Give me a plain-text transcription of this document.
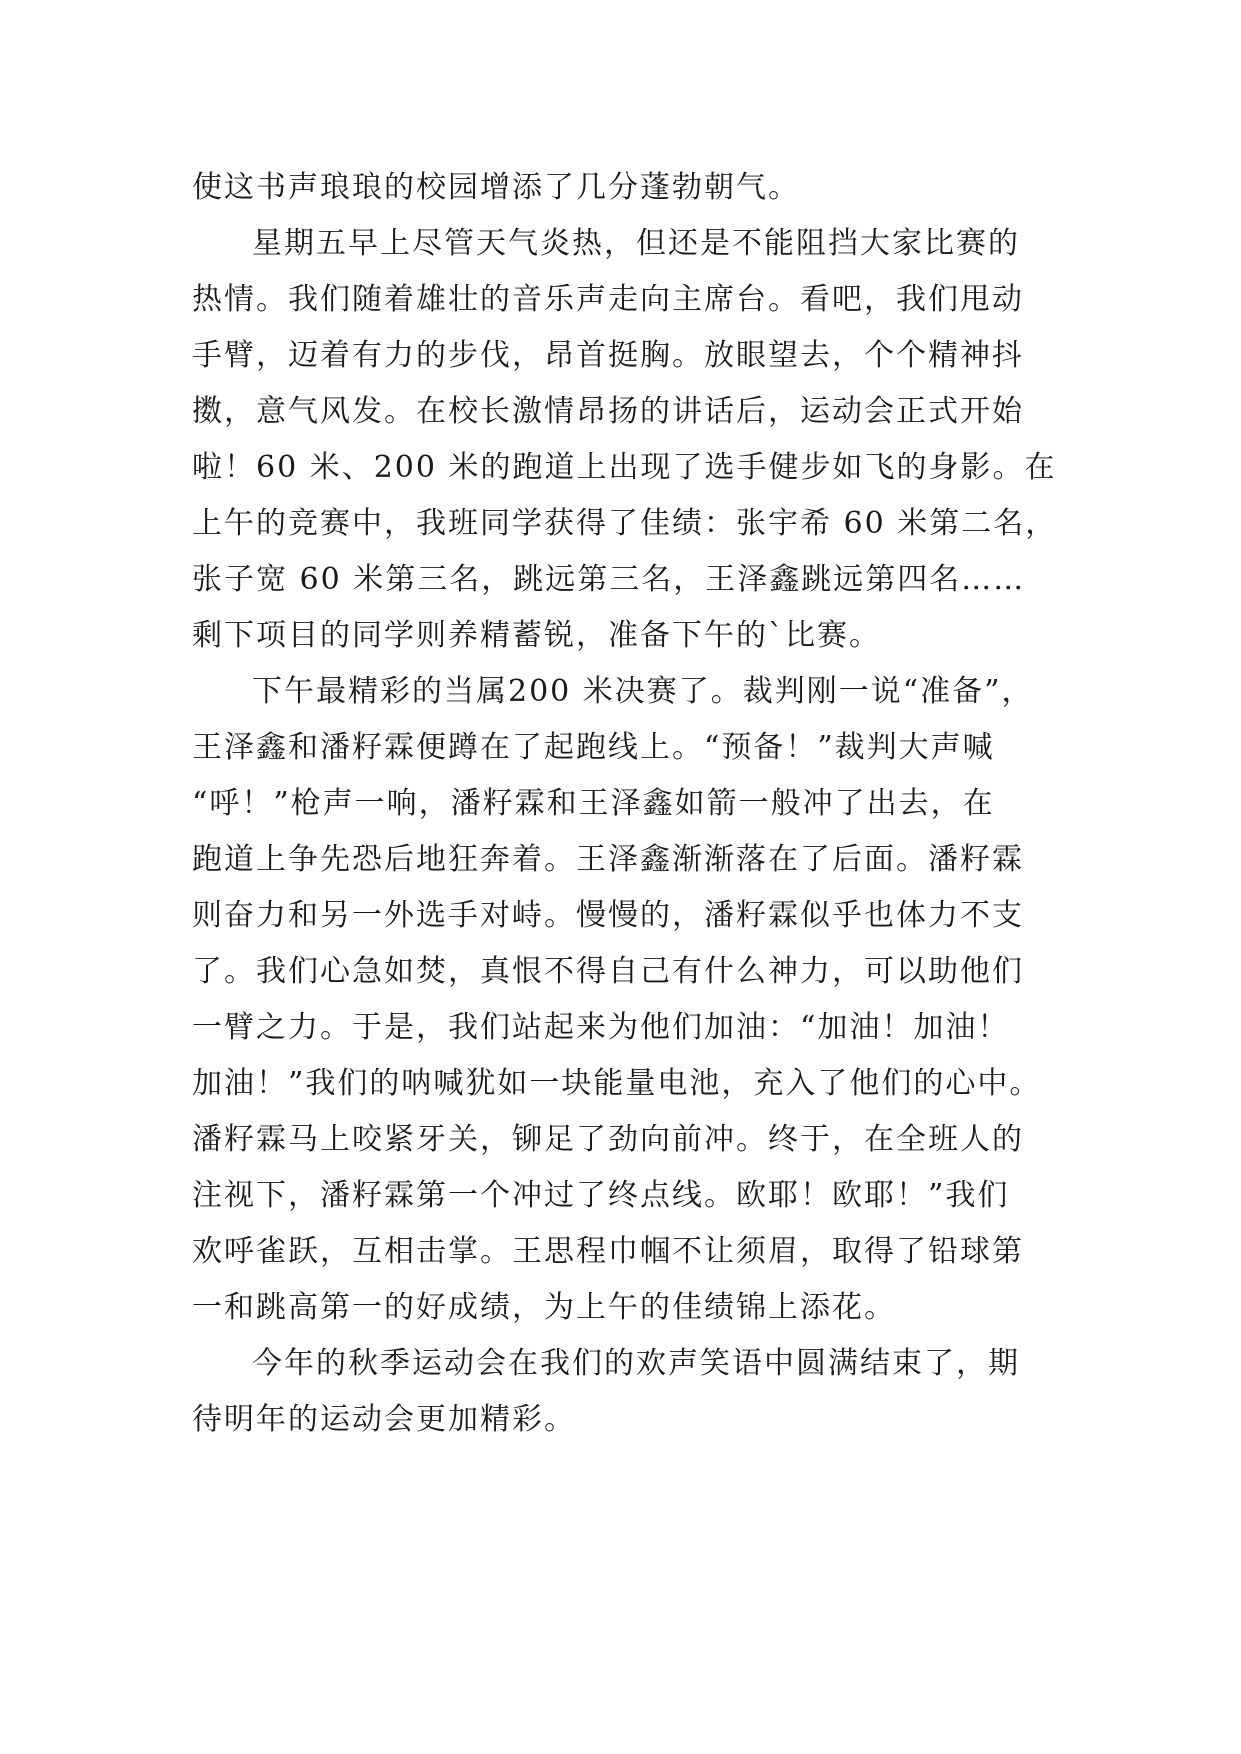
使这书声琅琅的校园增添了几分蓬勃朝气。
星期五早上尽管天气炎热，但还是不能阻挡大家比赛的
热情。我们随着雄壮的音乐声走向主席台。看吧，我们甩动
手臂，迈着有力的步伐，昂首挺胸。放眼望去，个个精神抖
擞，意气风发。在校长激情昂扬的讲话后，运动会正式开始
啦！60 米、200 米的跑道上出现了选手健步如飞的身影。在
上午的竞赛中，我班同学获得了佳绩：张宇希 60 米第二名，
张子宽 60 米第三名，跳远第三名，王泽鑫跳远第四名……
剩下项目的同学则养精蓄锐，准备下午的`比赛。
下午最精彩的当属200 米决赛了。裁判刚一说“准备”，
王泽鑫和潘籽霖便蹲在了起跑线上。“预备！”裁判大声喊
“呼！”枪声一响，潘籽霖和王泽鑫如箭一般冲了出去，在
跑道上争先恐后地狂奔着。王泽鑫渐渐落在了后面。潘籽霖
则奋力和另一外选手对峙。慢慢的，潘籽霖似乎也体力不支
了。我们心急如焚，真恨不得自己有什么神力，可以助他们
一臂之力。于是，我们站起来为他们加油：“加油！加油！
加油！”我们的呐喊犹如一块能量电池，充入了他们的心中。
潘籽霖马上咬紧牙关，铆足了劲向前冲。终于，在全班人的
注视下，潘籽霖第一个冲过了终点线。欧耶！欧耶！”我们
欢呼雀跃，互相击掌。王思程巾帼不让须眉，取得了铅球第
一和跳高第一的好成绩，为上午的佳绩锦上添花。
今年的秋季运动会在我们的欢声笑语中圆满结束了，期
待明年的运动会更加精彩。
